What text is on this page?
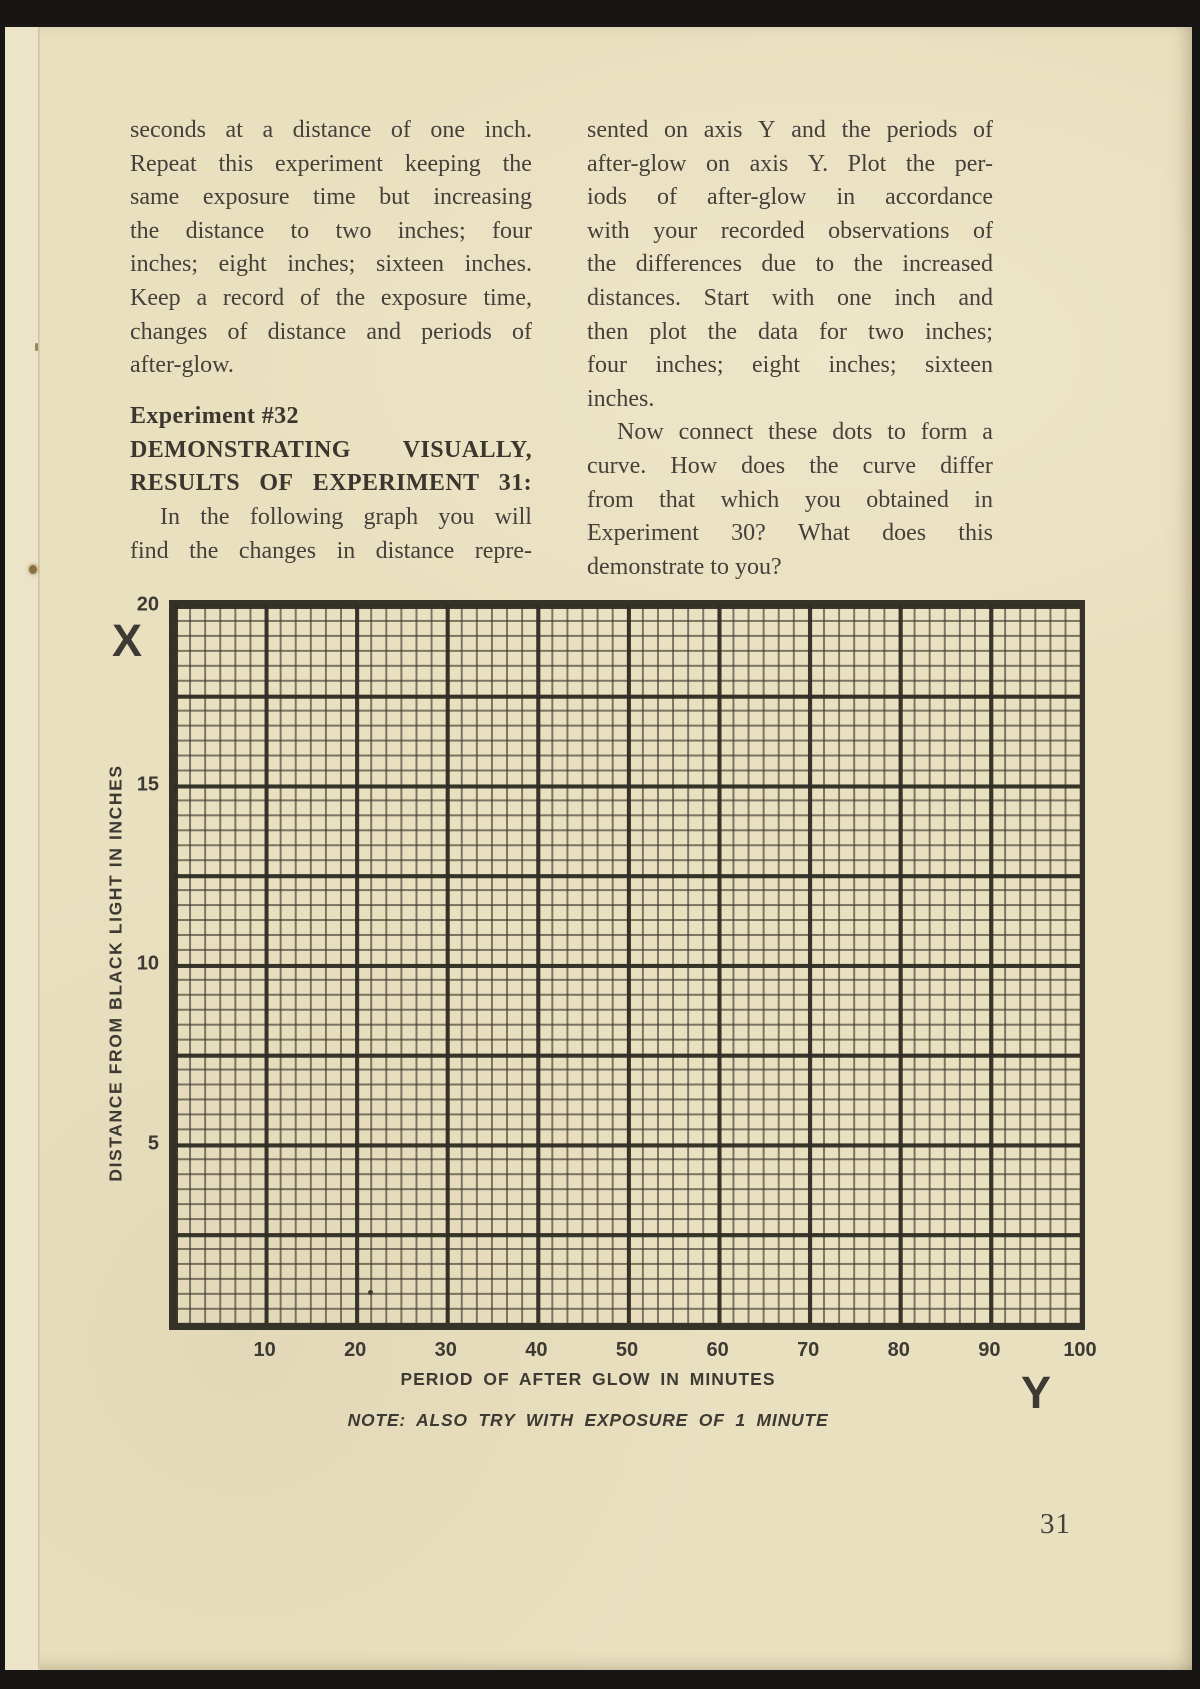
seconds at a distance of one inch.
Repeat this experiment keeping the
same exposure time but increasing
the distance to two inches; four
inches; eight inches; sixteen inches.
Keep a record of the exposure time,
changes of distance and periods of
after-glow.
Experiment #32
DEMONSTRATING VISUALLY,
RESULTS OF EXPERIMENT 31:
In the following graph you will
find the changes in distance repre-
sented on axis Y and the periods of
after-glow on axis Y. Plot the per-
iods of after-glow in accordance
with your recorded observations of
the differences due to the increased
distances. Start with one inch and
then plot the data for two inches;
four inches; eight inches; sixteen
inches.
Now connect these dots to form a
curve. How does the curve differ
from that which you obtained in
Experiment 30? What does this
demonstrate to you?
X
Y
20
15
10
5
10	20	30	40	50	60	70	80	90	100
DISTANCE FROM BLACK LIGHT IN INCHES
PERIOD OF AFTER GLOW IN MINUTES
NOTE: ALSO TRY WITH EXPOSURE OF 1 MINUTE
31
